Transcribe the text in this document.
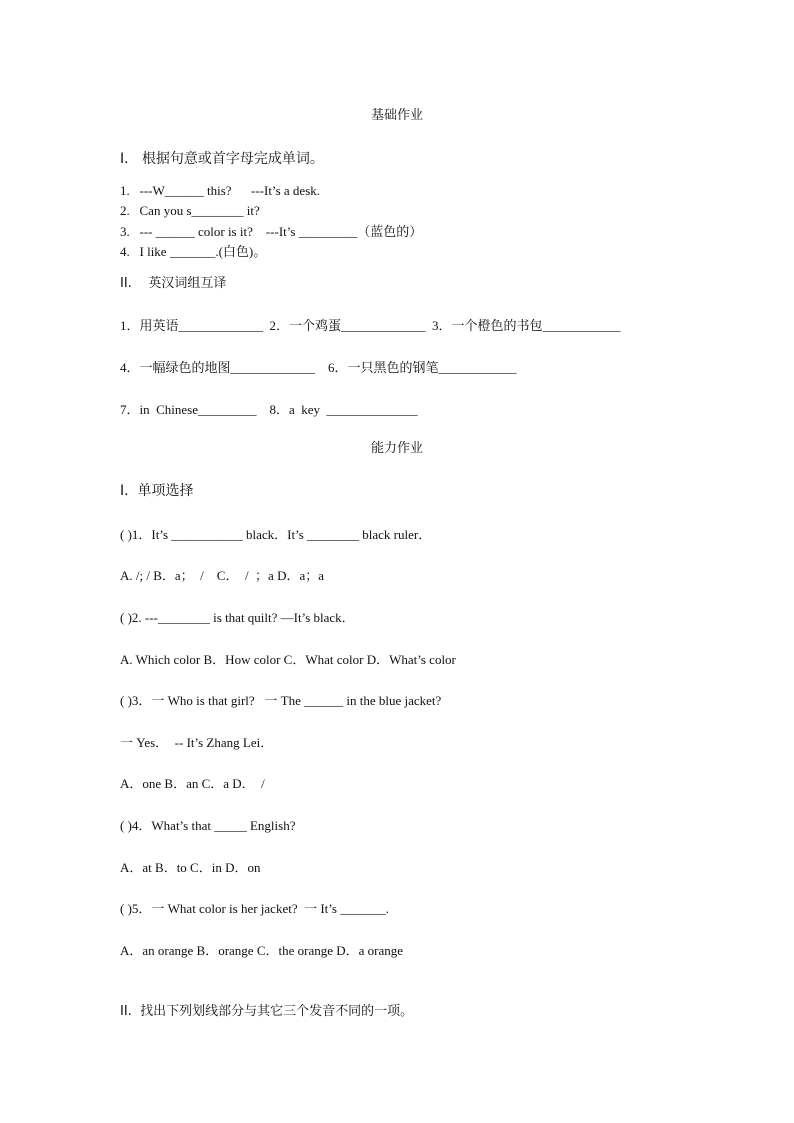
基础作业
I.   根据句意或首字母完成单词。
1.   ---W______ this?      ---It’s a desk.
2.   Can you s________ it?
3.   --- ______ color is it?    ---It’s _________（蓝色的）
4.   I like _______.(白色)。
II.    英汉词组互译
1．用英语_____________  2．一个鸡蛋_____________  3．一个橙色的书包____________
4．一幅绿色的地图_____________    6．一只黑色的钢笔____________
7．in  Chinese_________    8．a  key  ______________
能力作业
I.  单项选择
( )1．It’s ___________ black．It’s ________ black ruler．
A. /; / B．a；  /    C．  /  ；a D．a；a
( )2. ---________ is that quilt? —It’s black．
A. Which color B．How color C．What color D．What’s color
( )3．一 Who is that girl?   一 The ______ in the blue jacket?
一 Yes．  -- It’s Zhang Lei．
A．one B．an C．a D．  /
( )4．What’s that _____ English?
A．at B．to C．in D．on
( )5．一 What color is her jacket?  一 It’s _______.
A．an orange B．orange C．the orange D．a orange
II.  找出下列划线部分与其它三个发音不同的一项。
